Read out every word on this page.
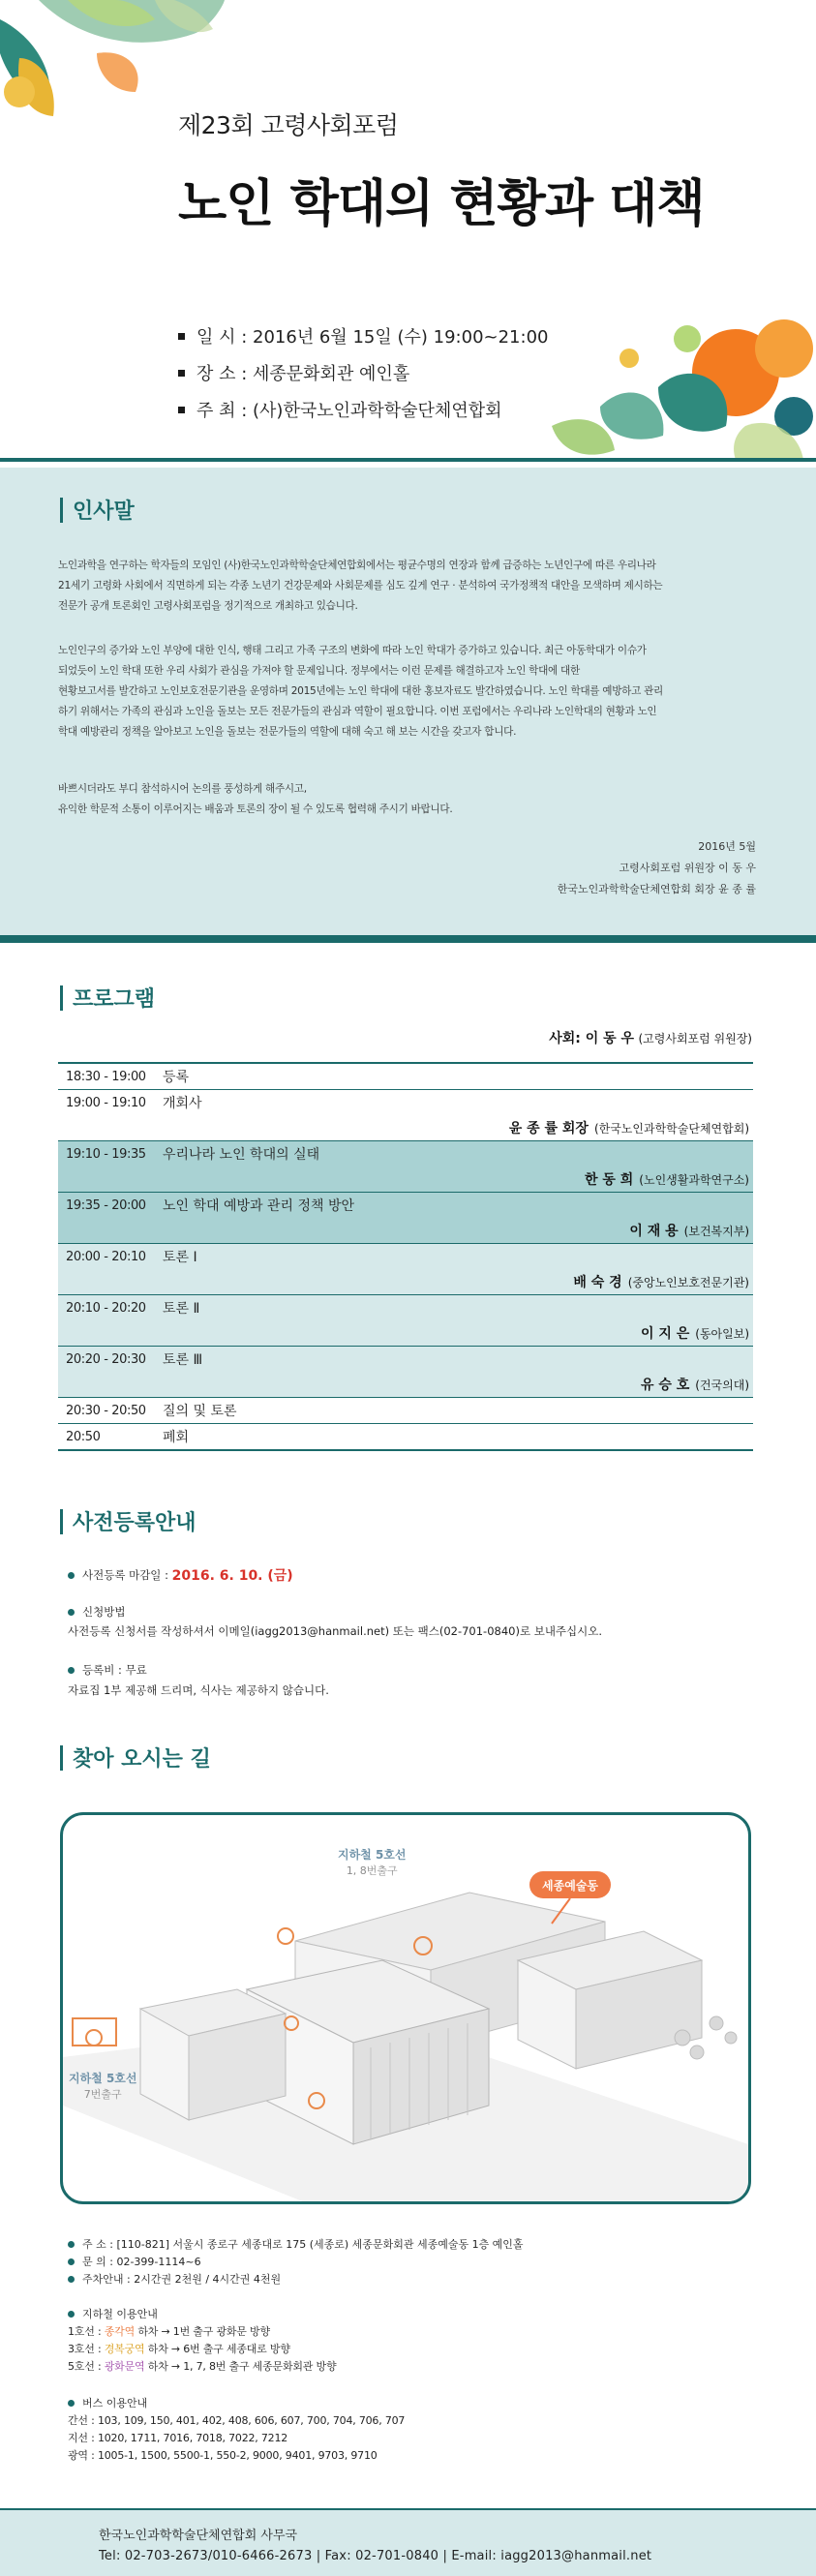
제23회 고령사회포럼
노인 학대의 현황과 대책
일 시 : 2016년 6월 15일 (수) 19:00~21:00
장 소 : 세종문화회관 예인홀
주 최 : (사)한국노인과학학술단체연합회
인사말
노인과학을 연구하는 학자들의 모임인 (사)한국노인과학학술단체연합회에서는 평균수명의 연장과 함께 급증하는 노년인구에 따른 우리나라
21세기 고령화 사회에서 직면하게 되는 각종 노년기 건강문제와 사회문제를 심도 깊게 연구 · 분석하여 국가정책적 대안을 모색하며 제시하는
전문가 공개 토론회인 고령사회포럼을 정기적으로 개최하고 있습니다.
노인인구의 증가와 노인 부양에 대한 인식, 행태 그리고 가족 구조의 변화에 따라 노인 학대가 증가하고 있습니다. 최근 아동학대가 이슈가
되었듯이 노인 학대 또한 우리 사회가 관심을 가져야 할 문제입니다. 정부에서는 이런 문제를 해결하고자 노인 학대에 대한
현황보고서를 발간하고 노인보호전문기관을 운영하며 2015년에는 노인 학대에 대한 홍보자료도 발간하였습니다. 노인 학대를 예방하고 관리
하기 위해서는 가족의 관심과 노인을 돌보는 모든 전문가들의 관심과 역할이 필요합니다. 이번 포럼에서는 우리나라 노인학대의 현황과 노인
학대 예방관리 정책을 알아보고 노인을 돌보는 전문가들의 역할에 대해 숙고 해 보는 시간을 갖고자 합니다.
바쁘시더라도 부디 참석하시어 논의를 풍성하게 해주시고,
유익한 학문적 소통이 이루어지는 배움과 토론의 장이 될 수 있도록 협력해 주시기 바랍니다.
2016년 5월
고령사회포럼 위원장 이 동 우
한국노인과학학술단체연합회 회장 윤 종 률
프로그램
사회: 이 동 우 (고령사회포럼 위원장)
18:30 - 19:00	등록
19:00 - 19:10	개회사
윤 종 률 회장 (한국노인과학학술단체연합회)
19:10 - 19:35	우리나라 노인 학대의 실태
한 동 희 (노인생활과학연구소)
19:35 - 20:00	노인 학대 예방과 관리 정책 방안
이 재 용 (보건복지부)
20:00 - 20:10	토론 Ⅰ
배 숙 경 (중앙노인보호전문기관)
20:10 - 20:20	토론 Ⅱ
이 지 은 (동아일보)
20:20 - 20:30	토론 Ⅲ
유 승 호 (건국의대)
20:30 - 20:50	질의 및 토론
20:50	폐회
사전등록안내
사전등록 마감일 :
2016. 6. 10. (금)
신청방법
사전등록 신청서를 작성하셔서 이메일(iagg2013@hanmail.net) 또는 팩스(02-701-0840)로 보내주십시오.
등록비 : 무료
자료집 1부 제공해 드리며, 식사는 제공하지 않습니다.
찾아 오시는 길
지하철 5호선
1, 8번출구
세종예술동
지하철 5호선
7번출구
주 소 : [110-821] 서울시 종로구 세종대로 175 (세종로) 세종문화회관 세종예술동 1층 예인홀
문 의 : 02-399-1114~6
주차안내 : 2시간권 2천원 / 4시간권 4천원
지하철 이용안내
1호선 : 종각역 하차 → 1번 출구 광화문 방향
3호선 : 경복궁역 하차 → 6번 출구 세종대로 방향
5호선 : 광화문역 하차 → 1, 7, 8번 출구 세종문화회관 방향
버스 이용안내
간선 : 103, 109, 150, 401, 402, 408, 606, 607, 700, 704, 706, 707
지선 : 1020, 1711, 7016, 7018, 7022, 7212
광역 : 1005-1, 1500, 5500-1, 550-2, 9000, 9401, 9703, 9710
한국노인과학학술단체연합회 사무국
Tel: 02-703-2673/010-6466-2673 | Fax: 02-701-0840 | E-mail: iagg2013@hanmail.net
